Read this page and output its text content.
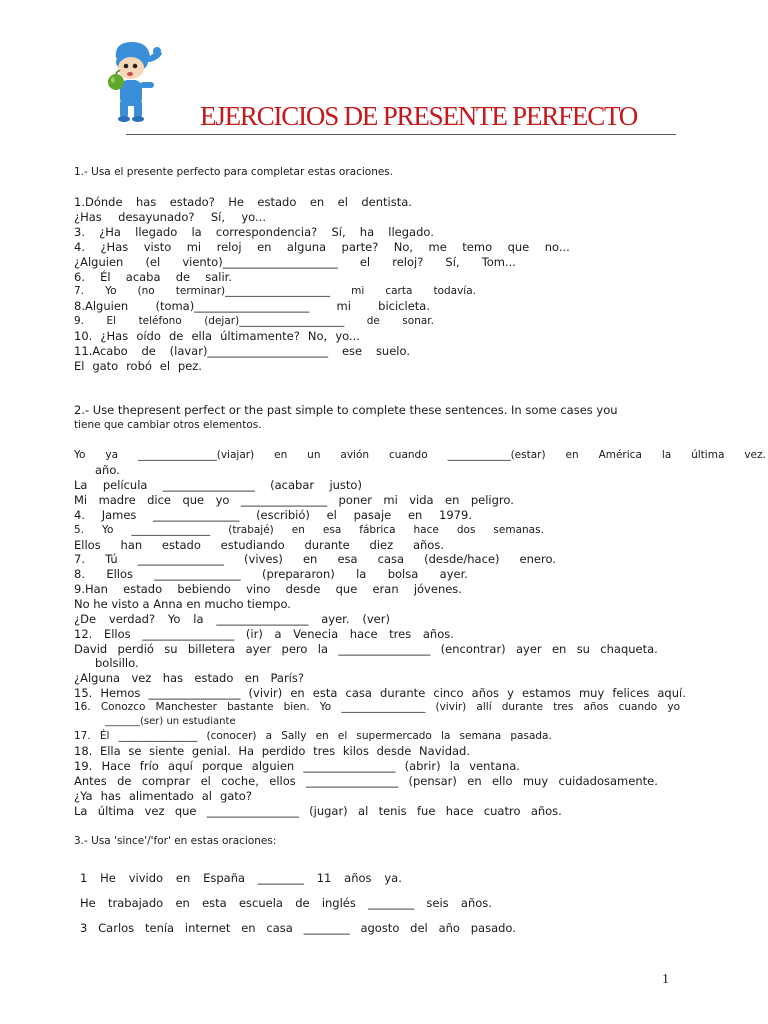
EJERCICIOS DE PRESENTE PERFECTO
1.- Usa el presente perfecto para completar estas oraciones.
1.Dónde has estado? He estado en el dentista.
¿Has desayunado? Sí, yo...
3. ¿Ha llegado la correspondencia? Sí, ha llegado.
4. ¿Has visto mi reloj en alguna parte? No, me temo que no...
¿Alguien (el viento)____________________ el reloj? Sí, Tom...
6. Él acaba de salir.
7. Yo (no terminar)____________________ mi carta todavía.
8.Alguien (toma)____________________ mi bicicleta.
9. El teléfono (dejar)____________________ de sonar.
10. ¿Has oído de ella últimamente? No, yo...
11.Acabo de (lavar)_____________________ ese suelo.
El gato robó el pez.
2.- Use thepresent perfect or the past simple to complete these sentences. In some cases you
tiene que cambiar otros elementos.
Yo ya _______________(viajar) en un avión cuando ____________(estar) en América la última vez.
año.
La película ________________ (acabar justo)
Mi madre dice que yo _______________ poner mi vida en peligro.
4. James _______________ (escribió) el pasaje en 1979.
5. Yo _______________ (trabajé) en esa fábrica hace dos semanas.
Ellos han estado estudiando durante diez años.
7. Tú _______________ (vives) en esa casa (desde/hace) enero.
8. Ellos _______________ (prepararon) la bolsa ayer.
9.Han estado bebiendo vino desde que eran jóvenes.
No he visto a Anna en mucho tiempo.
¿De verdad? Yo la ________________ ayer. (ver)
12. Ellos ________________ (ir) a Venecia hace tres años.
David perdió su billetera ayer pero la ________________ (encontrar) ayer en su chaqueta.
bolsillo.
¿Alguna vez has estado en París?
15. Hemos ________________ (vivir) en esta casa durante cinco años y estamos muy felices aquí.
16. Conozco Manchester bastante bien. Yo ________________ (vivir) allí durante tres años cuando yo
_______(ser) un estudiante
17. Él _______________ (conocer) a Sally en el supermercado la semana pasada.
18. Ella se siente genial. Ha perdido tres kilos desde Navidad.
19. Hace frío aquí porque alguien ________________ (abrir) la ventana.
Antes de comprar el coche, ellos ________________ (pensar) en ello muy cuidadosamente.
¿Ya has alimentado al gato?
La última vez que ________________ (jugar) al tenis fue hace cuatro años.
3.- Usa 'since'/'for' en estas oraciones:
1 He vivido en España ________ 11 años ya.
He trabajado en esta escuela de inglés ________ seis años.
3 Carlos tenía internet en casa ________ agosto del año pasado.
1
